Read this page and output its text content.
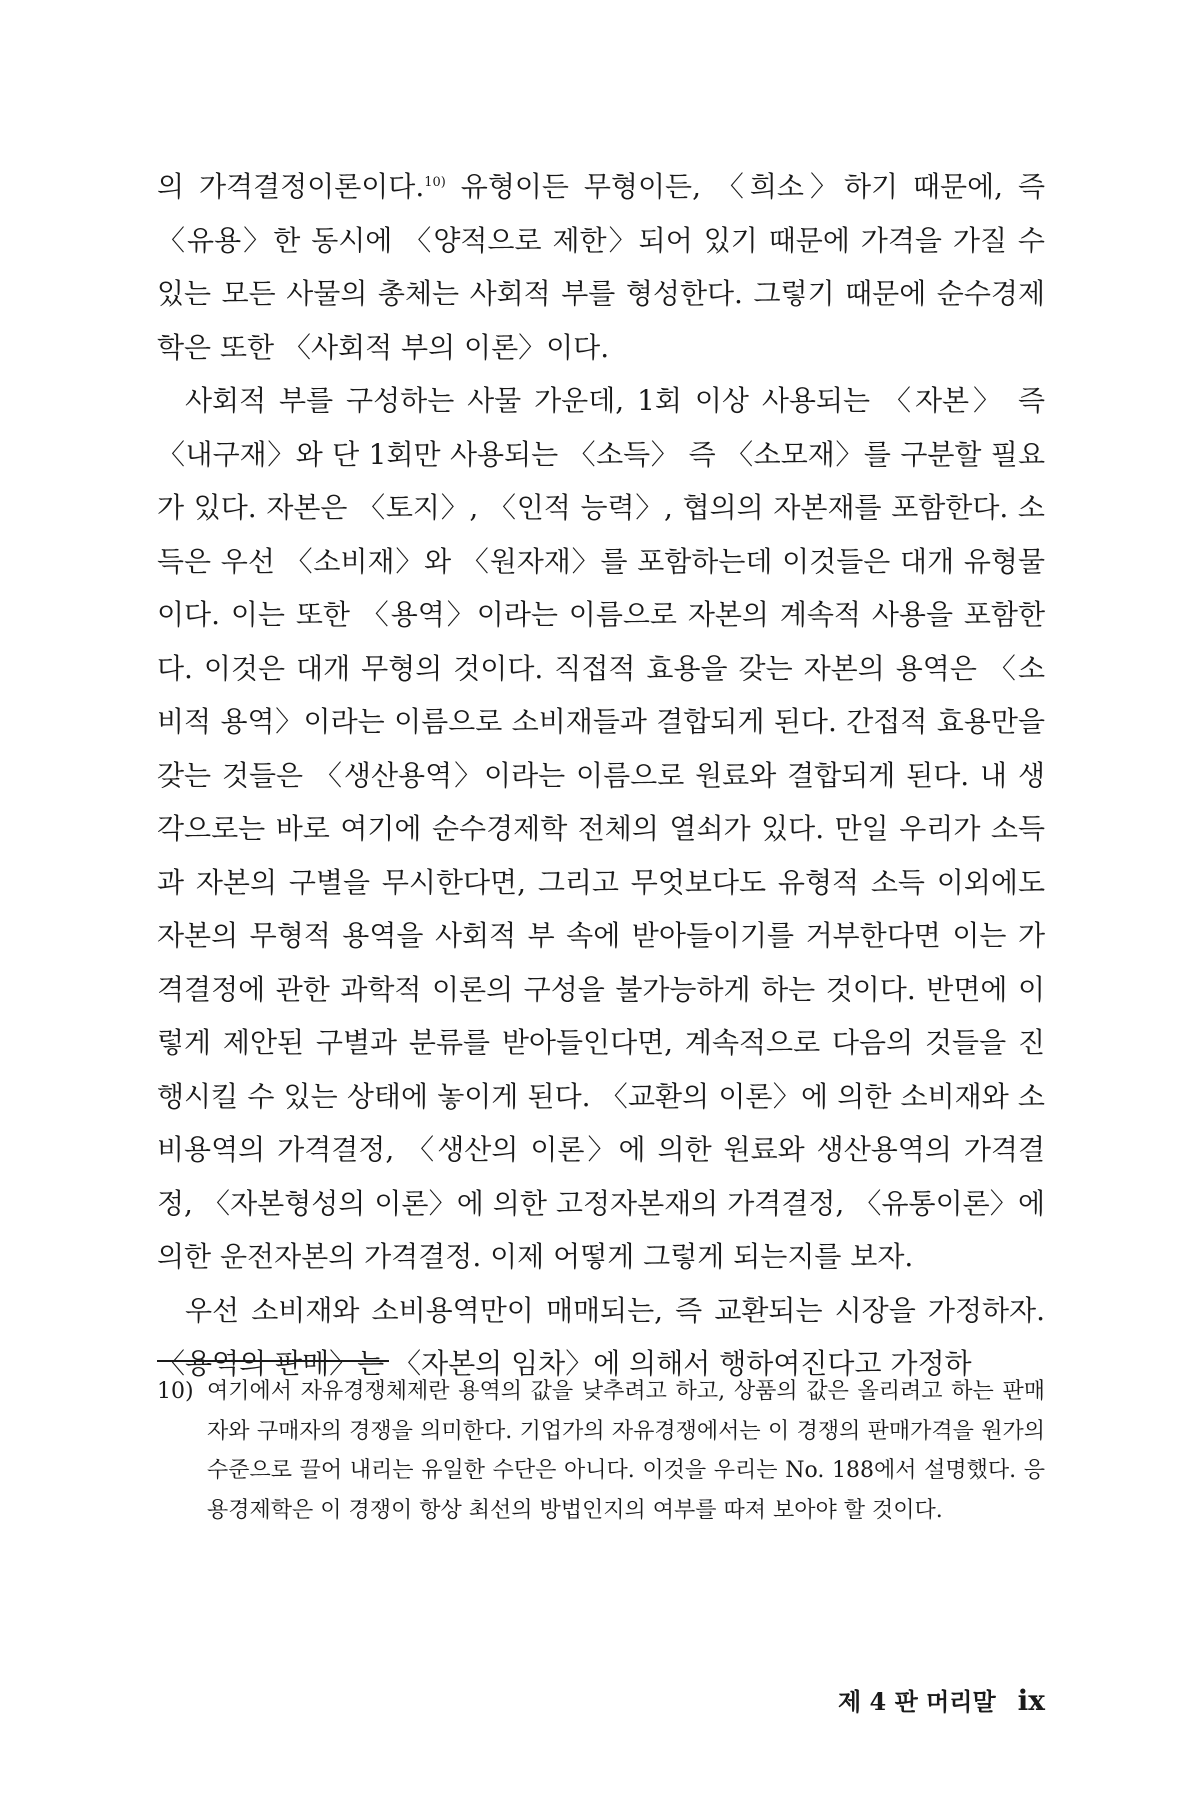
의 가격결정이론이다.$^{10)}$ 유형이든 무형이든, 〈희소〉하기 때문에, 즉 〈유용〉한 동시에 〈양적으로 제한〉되어 있기 때문에 가격을 가질 수 있는 모든 사물의 총체는 사회적 부를 형성한다. 그렇기 때문에 순수경제학은 또한 〈사회적 부의 이론〉이다.

사회적 부를 구성하는 사물 가운데, 1회 이상 사용되는 〈자본〉 즉 〈내구재〉와 단 1회만 사용되는 〈소득〉 즉 〈소모재〉를 구분할 필요가 있다. 자본은 〈토지〉, 〈인적 능력〉, 협의의 자본재를 포함한다. 소득은 우선 〈소비재〉와 〈원자재〉를 포함하는데 이것들은 대개 유형물이다. 이는 또한 〈용역〉이라는 이름으로 자본의 계속적 사용을 포함한다. 이것은 대개 무형의 것이다. 직접적 효용을 갖는 자본의 용역은 〈소비적 용역〉이라는 이름으로 소비재들과 결합되게 된다. 간접적 효용만을 갖는 것들은 〈생산용역〉이라는 이름으로 원료와 결합되게 된다. 내 생각으로는 바로 여기에 순수경제학 전체의 열쇠가 있다. 만일 우리가 소득과 자본의 구별을 무시한다면, 그리고 무엇보다도 유형적 소득 이외에도 자본의 무형적 용역을 사회적 부 속에 받아들이기를 거부한다면 이는 가격결정에 관한 과학적 이론의 구성을 불가능하게 하는 것이다. 반면에 이렇게 제안된 구별과 분류를 받아들인다면, 계속적으로 다음의 것들을 진행시킬 수 있는 상태에 놓이게 된다. 〈교환의 이론〉에 의한 소비재와 소비용역의 가격결정, 〈생산의 이론〉에 의한 원료와 생산용역의 가격결정, 〈자본형성의 이론〉에 의한 고정자본재의 가격결정, 〈유통이론〉에 의한 운전자본의 가격결정. 이제 어떻게 그렇게 되는지를 보자.

우선 소비재와 소비용역만이 매매되는, 즉 교환되는 시장을 가정하자. 〈용역의 판매〉는 〈자본의 임차〉에 의해서 행하여진다고 가정하

10) 여기에서 자유경쟁체제란 용역의 값을 낮추려고 하고, 상품의 값은 올리려고 하는 판매자와 구매자의 경쟁을 의미한다. 기업가의 자유경쟁에서는 이 경쟁의 판매가격을 원가의 수준으로 끌어 내리는 유일한 수단은 아니다. 이것을 우리는 No. 188에서 설명했다. 응용경제학은 이 경쟁이 항상 최선의 방법인지의 여부를 따져 보아야 할 것이다.
제 4 판 머리말 ix
